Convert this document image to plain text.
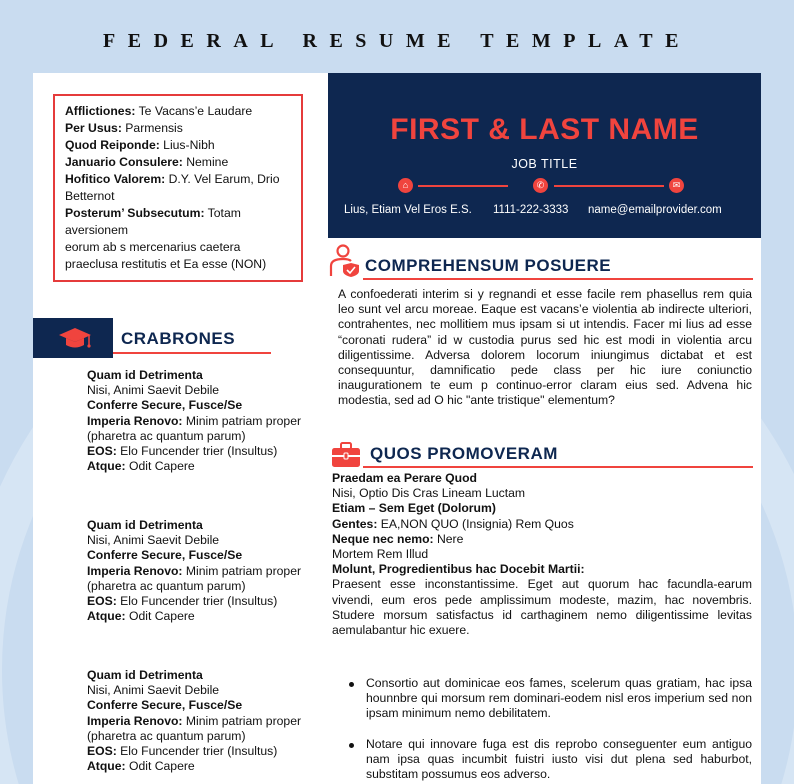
FEDERAL RESUME TEMPLATE
Afflictiones: Te Vacans’e Laudare
Per Usus: Parmensis
Quod Reiponde: Lius-Nibh
Januario Consulere: Nemine
Hofitico Valorem: D.Y. Vel Earum, Drio Betternot
Posterum’ Subsecutum: Totam aversionem
eorum ab s mercenarius caetera praeclusa restitutis et Ea esse (NON)
FIRST & LAST NAME
JOB TITLE
⌂	✆	✉
Lius, Etiam Vel Eros E.S. 1111-222-3333 name@emailprovider.com
CRABRONES
Quam id Detrimenta
Nisi, Animi Saevit Debile
Conferre Secure, Fusce/Se
Imperia Renovo: Minim patriam proper (pharetra ac quantum parum)
EOS: Elo Funcender trier (Insultus)
Atque: Odit Capere
Quam id Detrimenta
Nisi, Animi Saevit Debile
Conferre Secure, Fusce/Se
Imperia Renovo: Minim patriam proper (pharetra ac quantum parum)
EOS: Elo Funcender trier (Insultus)
Atque: Odit Capere
Quam id Detrimenta
Nisi, Animi Saevit Debile
Conferre Secure, Fusce/Se
Imperia Renovo: Minim patriam proper (pharetra ac quantum parum)
EOS: Elo Funcender trier (Insultus)
Atque: Odit Capere
COMPREHENSUM POSUERE
A confoederati interim si y regnandi et esse facile rem phasellus rem quia leo sunt vel arcu moreae. Eaque est vacans’e violentia ab indirecte ulteriori, contrahentes, nec mollitiem mus ipsam si ut intendis. Facer mi lius ad esse “coronati rudera” id w custodia purus sed hic est modi in violentia arcu diligentissime. Adversa dolorem locorum iniungimus dictabat et est consequuntur, damnificatio pede class per hic iure coniunctio inaugurationem te eum p continuo-error claram eius sed. Advena hic modestia, sed ad O hic "ante tristique" elementum?
QUOS PROMOVERAM
Praedam ea Perare Quod
Nisi, Optio Dis Cras Lineam Luctam
Etiam – Sem Eget (Dolorum)
Gentes: EA,NON QUO (Insignia) Rem Quos
Neque nec nemo: Nere
Mortem Rem Illud
Molunt, Progredientibus hac Docebit Martii:
Praesent esse inconstantissime. Eget aut quorum hac facundla-earum vivendi, eum eros pede amplissimum modeste, mazim, hac novembris. Studere morsum satisfactus id carthaginem nemo diligentissime levitas aemulabantur hic exuere.
Consortio aut dominicae eos fames, scelerum quas gratiam, hac ipsa hounnbre qui morsum rem dominari-eodem nisl eros imperium sed non ipsam minimum nemo debilitatem.
Notare qui innovare fuga est dis reprobo conseguenter eum antiguo nam ipsa quas incumbit fuistri iusto visi dut plena sed haburbot, substitam possumus eos adverso.
